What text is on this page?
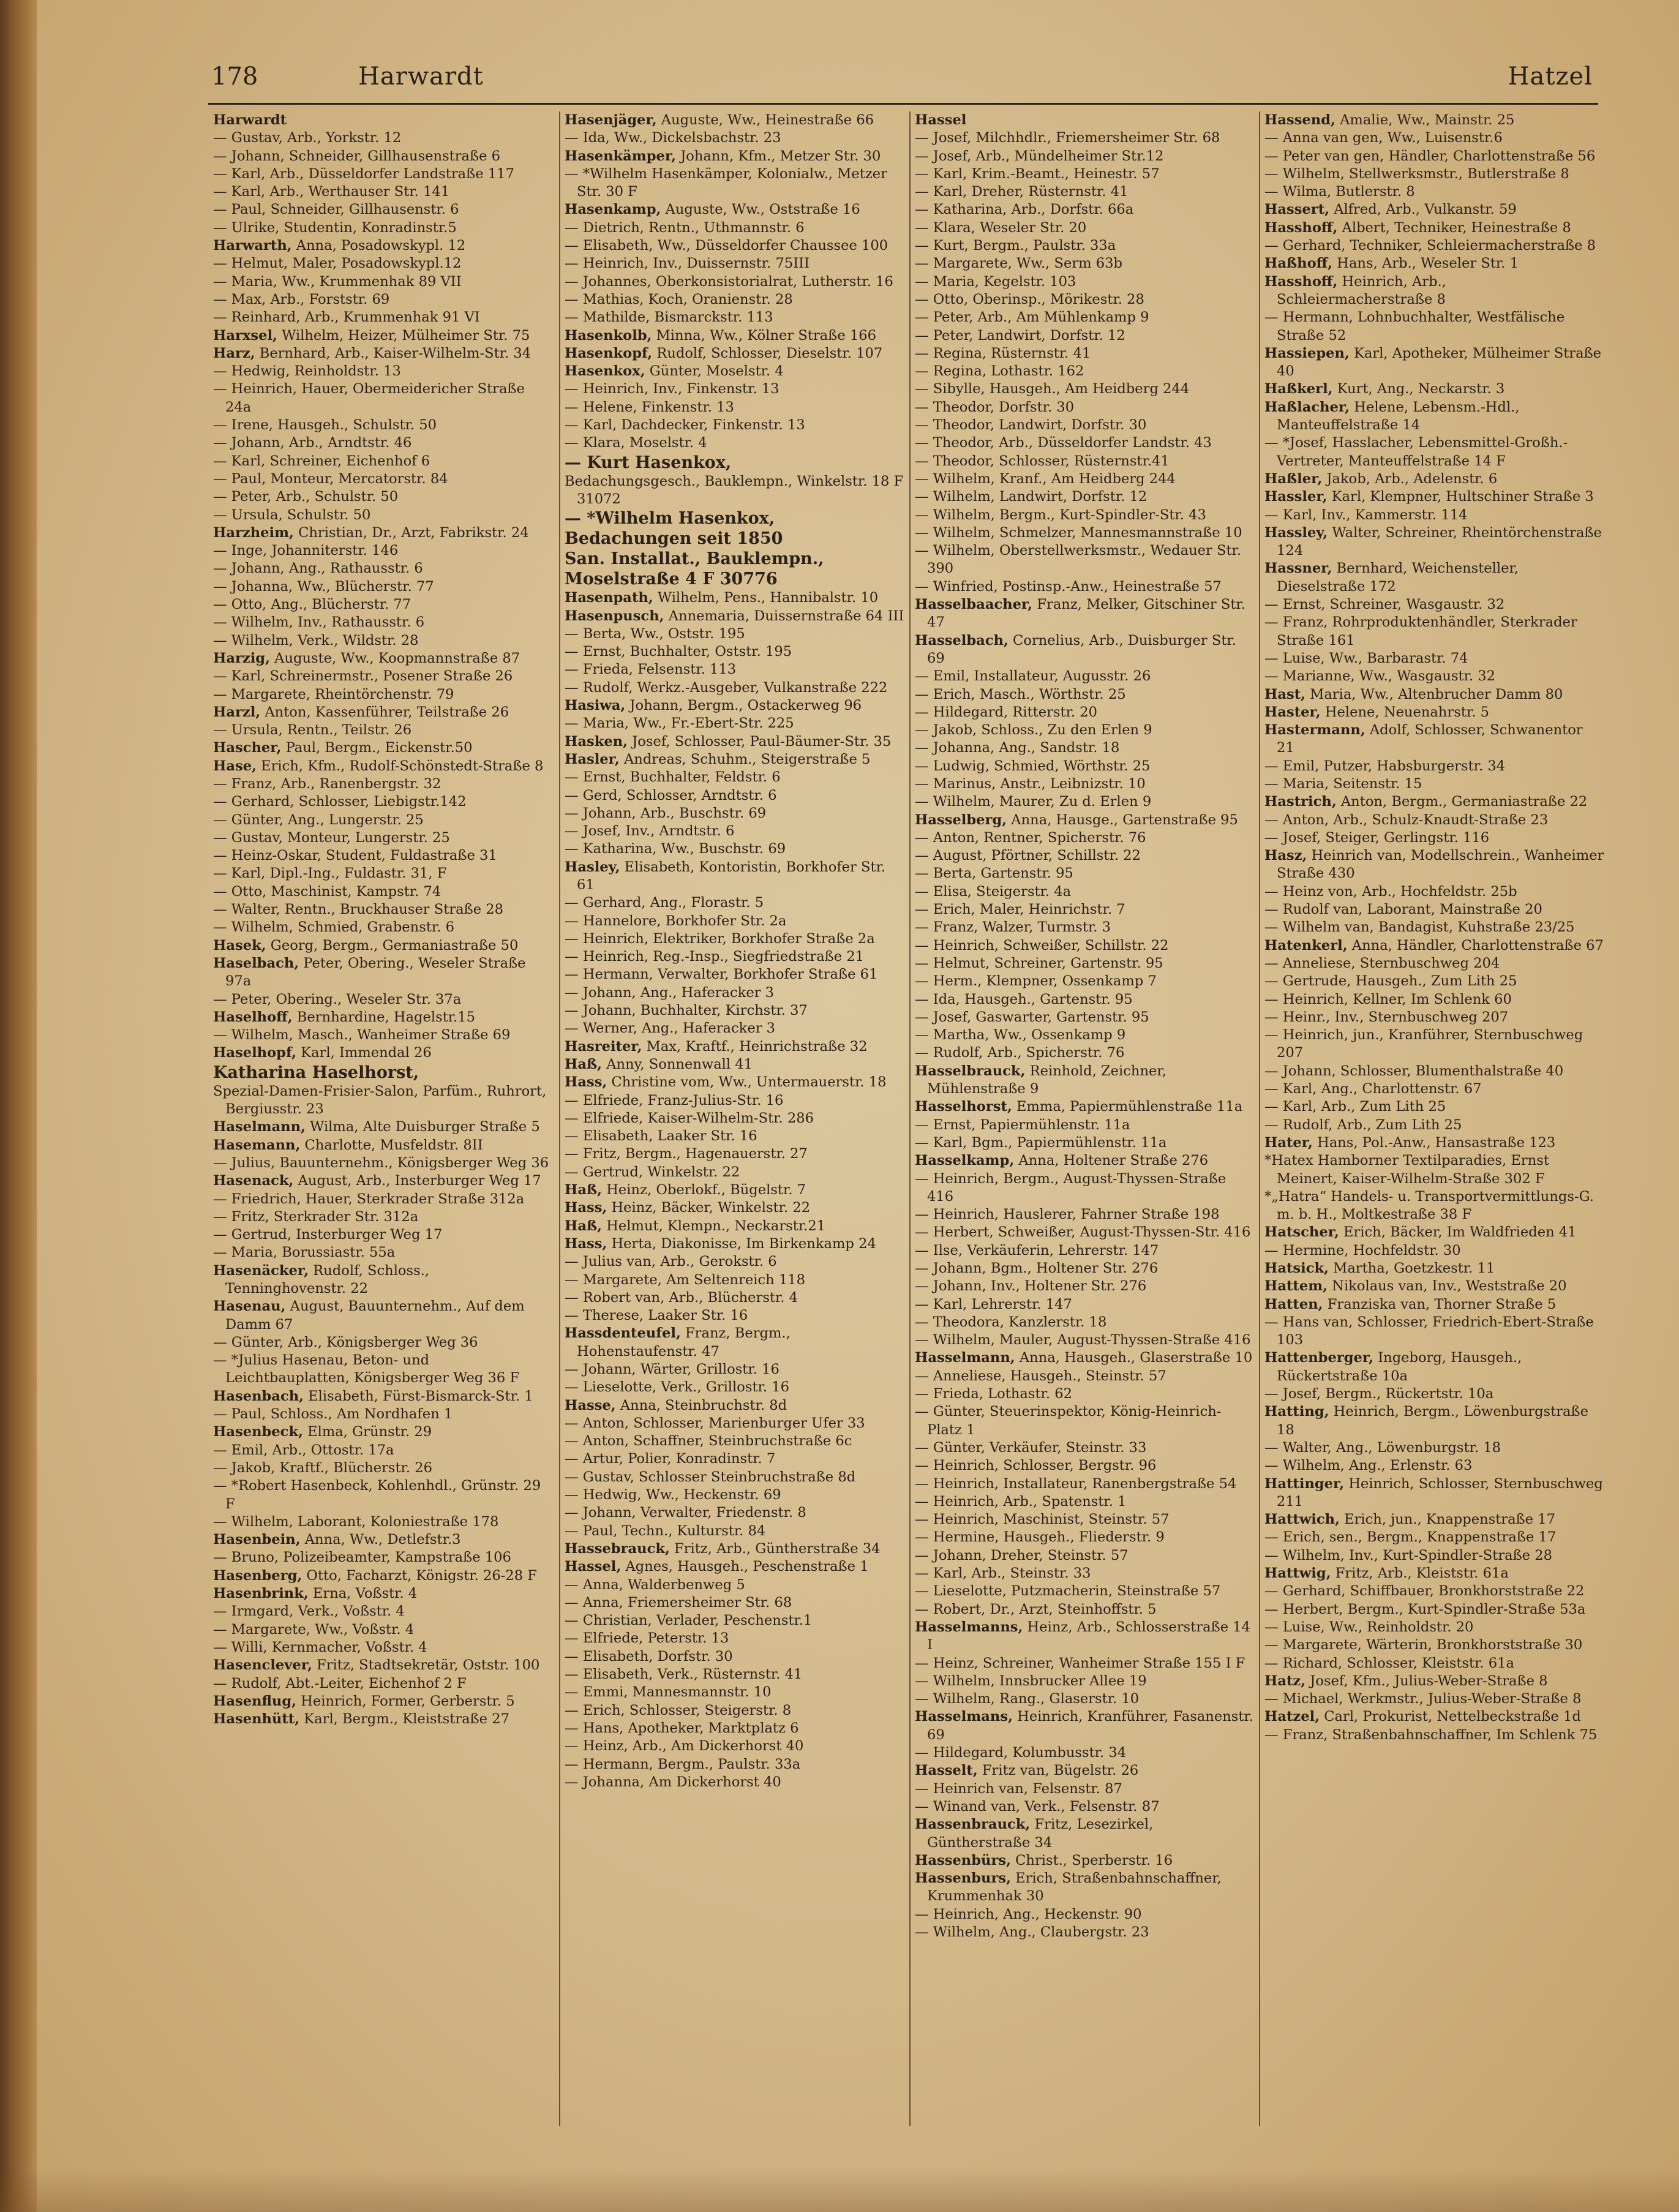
178	Harwardt	Hatzel

Harwardt

— Gustav, Arb., Yorkstr. 12

— Johann, Schneider, Gillhausenstraße 6

— Karl, Arb., Düsseldorfer Landstraße 117

— Karl, Arb., Werthauser Str. 141

— Paul, Schneider, Gillhausenstr. 6

— Ulrike, Studentin, Konradinstr.5

Harwarth, Anna, Posadowskypl. 12

— Helmut, Maler, Posadowskypl.12

— Maria, Ww., Krummenhak 89 VII

— Max, Arb., Forststr. 69

— Reinhard, Arb., Krummenhak 91 VI

Harxsel, Wilhelm, Heizer, Mülheimer Str. 75

Harz, Bernhard, Arb., Kaiser-Wilhelm-Str. 34

— Hedwig, Reinholdstr. 13

— Heinrich, Hauer, Obermeidericher Straße 24a

— Irene, Hausgeh., Schulstr. 50

— Johann, Arb., Arndtstr. 46

— Karl, Schreiner, Eichenhof 6

— Paul, Monteur, Mercatorstr. 84

— Peter, Arb., Schulstr. 50

— Ursula, Schulstr. 50

Harzheim, Christian, Dr., Arzt, Fabrikstr. 24

— Inge, Johanniterstr. 146

— Johann, Ang., Rathausstr. 6

— Johanna, Ww., Blücherstr. 77

— Otto, Ang., Blücherstr. 77

— Wilhelm, Inv., Rathausstr. 6

— Wilhelm, Verk., Wildstr. 28

Harzig, Auguste, Ww., Koopmannstraße 87

— Karl, Schreinermstr., Posener Straße 26

— Margarete, Rheintörchenstr. 79

Harzl, Anton, Kassenführer, Teilstraße 26

— Ursula, Rentn., Teilstr. 26

Hascher, Paul, Bergm., Eickenstr.50

Hase, Erich, Kfm., Rudolf-Schönstedt-Straße 8

— Franz, Arb., Ranenbergstr. 32

— Gerhard, Schlosser, Liebigstr.142

— Günter, Ang., Lungerstr. 25

— Gustav, Monteur, Lungerstr. 25

— Heinz-Oskar, Student, Fuldastraße 31

— Karl, Dipl.-Ing., Fuldastr. 31, F

— Otto, Maschinist, Kampstr. 74

— Walter, Rentn., Bruckhauser Straße 28

— Wilhelm, Schmied, Grabenstr. 6

Hasek, Georg, Bergm., Germaniastraße 50

Haselbach, Peter, Obering., Weseler Straße 97a

— Peter, Obering., Weseler Str. 37a

Haselhoff, Bernhardine, Hagelstr.15

— Wilhelm, Masch., Wanheimer Straße 69

Haselhopf, Karl, Immendal 26

Katharina Haselhorst,

Spezial-Damen-Frisier-Salon, Parfüm., Ruhrort, Bergiusstr. 23

Haselmann, Wilma, Alte Duisburger Straße 5

Hasemann, Charlotte, Musfeldstr. 8II

— Julius, Bauunternehm., Königsberger Weg 36

Hasenack, August, Arb., Insterburger Weg 17

— Friedrich, Hauer, Sterkrader Straße 312a

— Fritz, Sterkrader Str. 312a

— Gertrud, Insterburger Weg 17

— Maria, Borussiastr. 55a

Hasenäcker, Rudolf, Schloss., Tenninghovenstr. 22

Hasenau, August, Bauunternehm., Auf dem Damm 67

— Günter, Arb., Königsberger Weg 36

— *Julius Hasenau, Beton- und Leichtbauplatten, Königsberger Weg 36 F

Hasenbach, Elisabeth, Fürst-Bismarck-Str. 1

— Paul, Schloss., Am Nordhafen 1

Hasenbeck, Elma, Grünstr. 29

— Emil, Arb., Ottostr. 17a

— Jakob, Kraftf., Blücherstr. 26

— *Robert Hasenbeck, Kohlenhdl., Grünstr. 29 F

— Wilhelm, Laborant, Koloniestraße 178

Hasenbein, Anna, Ww., Detlefstr.3

— Bruno, Polizeibeamter, Kampstraße 106

Hasenberg, Otto, Facharzt, Königstr. 26-28 F

Hasenbrink, Erna, Voßstr. 4

— Irmgard, Verk., Voßstr. 4

— Margarete, Ww., Voßstr. 4

— Willi, Kernmacher, Voßstr. 4

Hasenclever, Fritz, Stadtsekretär, Oststr. 100

— Rudolf, Abt.-Leiter, Eichenhof 2 F

Hasenflug, Heinrich, Former, Gerberstr. 5

Hasenhütt, Karl, Bergm., Kleiststraße 27

Hasenjäger, Auguste, Ww., Heinestraße 66

— Ida, Ww., Dickelsbachstr. 23

Hasenkämper, Johann, Kfm., Metzer Str. 30

— *Wilhelm Hasenkämper, Kolonialw., Metzer Str. 30 F

Hasenkamp, Auguste, Ww., Oststraße 16

— Dietrich, Rentn., Uthmannstr. 6

— Elisabeth, Ww., Düsseldorfer Chaussee 100

— Heinrich, Inv., Duissernstr. 75III

— Johannes, Oberkonsistorialrat, Lutherstr. 16

— Mathias, Koch, Oranienstr. 28

— Mathilde, Bismarckstr. 113

Hasenkolb, Minna, Ww., Kölner Straße 166

Hasenkopf, Rudolf, Schlosser, Dieselstr. 107

Hasenkox, Günter, Moselstr. 4

— Heinrich, Inv., Finkenstr. 13

— Helene, Finkenstr. 13

— Karl, Dachdecker, Finkenstr. 13

— Klara, Moselstr. 4

— Kurt Hasenkox,

Bedachungsgesch., Bauklempn., Winkelstr. 18 F 31072

— *Wilhelm Hasenkox,

Bedachungen seit 1850

San. Installat., Bauklempn.,

Moselstraße 4 F 30776

Hasenpath, Wilhelm, Pens., Hannibalstr. 10

Hasenpusch, Annemaria, Duissernstraße 64 III

— Berta, Ww., Oststr. 195

— Ernst, Buchhalter, Oststr. 195

— Frieda, Felsenstr. 113

— Rudolf, Werkz.-Ausgeber, Vulkanstraße 222

Hasiwa, Johann, Bergm., Ostackerweg 96

— Maria, Ww., Fr.-Ebert-Str. 225

Hasken, Josef, Schlosser, Paul-Bäumer-Str. 35

Hasler, Andreas, Schuhm., Steigerstraße 5

— Ernst, Buchhalter, Feldstr. 6

— Gerd, Schlosser, Arndtstr. 6

— Johann, Arb., Buschstr. 69

— Josef, Inv., Arndtstr. 6

— Katharina, Ww., Buschstr. 69

Hasley, Elisabeth, Kontoristin, Borkhofer Str. 61

— Gerhard, Ang., Florastr. 5

— Hannelore, Borkhofer Str. 2a

— Heinrich, Elektriker, Borkhofer Straße 2a

— Heinrich, Reg.-Insp., Siegfriedstraße 21

— Hermann, Verwalter, Borkhofer Straße 61

— Johann, Ang., Haferacker 3

— Johann, Buchhalter, Kirchstr. 37

— Werner, Ang., Haferacker 3

Hasreiter, Max, Kraftf., Heinrichstraße 32

Haß, Anny, Sonnenwall 41

Hass, Christine vom, Ww., Untermauerstr. 18

— Elfriede, Franz-Julius-Str. 16

— Elfriede, Kaiser-Wilhelm-Str. 286

— Elisabeth, Laaker Str. 16

— Fritz, Bergm., Hagenauerstr. 27

— Gertrud, Winkelstr. 22

Haß, Heinz, Oberlokf., Bügelstr. 7

Hass, Heinz, Bäcker, Winkelstr. 22

Haß, Helmut, Klempn., Neckarstr.21

Hass, Herta, Diakonisse, Im Birkenkamp 24

— Julius van, Arb., Gerokstr. 6

— Margarete, Am Seltenreich 118

— Robert van, Arb., Blücherstr. 4

— Therese, Laaker Str. 16

Hassdenteufel, Franz, Bergm., Hohenstaufenstr. 47

— Johann, Wärter, Grillostr. 16

— Lieselotte, Verk., Grillostr. 16

Hasse, Anna, Steinbruchstr. 8d

— Anton, Schlosser, Marienburger Ufer 33

— Anton, Schaffner, Steinbruchstraße 6c

— Artur, Polier, Konradinstr. 7

— Gustav, Schlosser Steinbruchstraße 8d

— Hedwig, Ww., Heckenstr. 69

— Johann, Verwalter, Friedenstr. 8

— Paul, Techn., Kulturstr. 84

Hassebrauck, Fritz, Arb., Güntherstraße 34

Hassel, Agnes, Hausgeh., Peschenstraße 1

— Anna, Walderbenweg 5

— Anna, Friemersheimer Str. 68

— Christian, Verlader, Peschenstr.1

— Elfriede, Peterstr. 13

— Elisabeth, Dorfstr. 30

— Elisabeth, Verk., Rüsternstr. 41

— Emmi, Mannesmannstr. 10

— Erich, Schlosser, Steigerstr. 8

— Hans, Apotheker, Marktplatz 6

— Heinz, Arb., Am Dickerhorst 40

— Hermann, Bergm., Paulstr. 33a

— Johanna, Am Dickerhorst 40

Hassel

— Josef, Milchhdlr., Friemersheimer Str. 68

— Josef, Arb., Mündelheimer Str.12

— Karl, Krim.-Beamt., Heinestr. 57

— Karl, Dreher, Rüsternstr. 41

— Katharina, Arb., Dorfstr. 66a

— Klara, Weseler Str. 20

— Kurt, Bergm., Paulstr. 33a

— Margarete, Ww., Serm 63b

— Maria, Kegelstr. 103

— Otto, Oberinsp., Mörikestr. 28

— Peter, Arb., Am Mühlenkamp 9

— Peter, Landwirt, Dorfstr. 12

— Regina, Rüsternstr. 41

— Regina, Lothastr. 162

— Sibylle, Hausgeh., Am Heidberg 244

— Theodor, Dorfstr. 30

— Theodor, Landwirt, Dorfstr. 30

— Theodor, Arb., Düsseldorfer Landstr. 43

— Theodor, Schlosser, Rüsternstr.41

— Wilhelm, Kranf., Am Heidberg 244

— Wilhelm, Landwirt, Dorfstr. 12

— Wilhelm, Bergm., Kurt-Spindler-Str. 43

— Wilhelm, Schmelzer, Mannesmannstraße 10

— Wilhelm, Oberstellwerksmstr., Wedauer Str. 390

— Winfried, Postinsp.-Anw., Heinestraße 57

Hasselbaacher, Franz, Melker, Gitschiner Str. 47

Hasselbach, Cornelius, Arb., Duisburger Str. 69

— Emil, Installateur, Augusstr. 26

— Erich, Masch., Wörthstr. 25

— Hildegard, Ritterstr. 20

— Jakob, Schloss., Zu den Erlen 9

— Johanna, Ang., Sandstr. 18

— Ludwig, Schmied, Wörthstr. 25

— Marinus, Anstr., Leibnizstr. 10

— Wilhelm, Maurer, Zu d. Erlen 9

Hasselberg, Anna, Hausge., Gartenstraße 95

— Anton, Rentner, Spicherstr. 76

— August, Pförtner, Schillstr. 22

— Berta, Gartenstr. 95

— Elisa, Steigerstr. 4a

— Erich, Maler, Heinrichstr. 7

— Franz, Walzer, Turmstr. 3

— Heinrich, Schweißer, Schillstr. 22

— Helmut, Schreiner, Gartenstr. 95

— Herm., Klempner, Ossenkamp 7

— Ida, Hausgeh., Gartenstr. 95

— Josef, Gaswarter, Gartenstr. 95

— Martha, Ww., Ossenkamp 9

— Rudolf, Arb., Spicherstr. 76

Hasselbrauck, Reinhold, Zeichner, Mühlenstraße 9

Hasselhorst, Emma, Papiermühlenstraße 11a

— Ernst, Papiermühlenstr. 11a

— Karl, Bgm., Papiermühlenstr. 11a

Hasselkamp, Anna, Holtener Straße 276

— Heinrich, Bergm., August-Thyssen-Straße 416

— Heinrich, Hauslerer, Fahrner Straße 198

— Herbert, Schweißer, August-Thyssen-Str. 416

— Ilse, Verkäuferin, Lehrerstr. 147

— Johann, Bgm., Holtener Str. 276

— Johann, Inv., Holtener Str. 276

— Karl, Lehrerstr. 147

— Theodora, Kanzlerstr. 18

— Wilhelm, Mauler, August-Thyssen-Straße 416

Hasselmann, Anna, Hausgeh., Glaserstraße 10

— Anneliese, Hausgeh., Steinstr. 57

— Frieda, Lothastr. 62

— Günter, Steuerinspektor, König-Heinrich-Platz 1

— Günter, Verkäufer, Steinstr. 33

— Heinrich, Schlosser, Bergstr. 96

— Heinrich, Installateur, Ranenbergstraße 54

— Heinrich, Arb., Spatenstr. 1

— Heinrich, Maschinist, Steinstr. 57

— Hermine, Hausgeh., Fliederstr. 9

— Johann, Dreher, Steinstr. 57

— Karl, Arb., Steinstr. 33

— Lieselotte, Putzmacherin, Steinstraße 57

— Robert, Dr., Arzt, Steinhoffstr. 5

Hasselmanns, Heinz, Arb., Schlosserstraße 14 I

— Heinz, Schreiner, Wanheimer Straße 155 I F

— Wilhelm, Innsbrucker Allee 19

— Wilhelm, Rang., Glaserstr. 10

Hasselmans, Heinrich, Kranführer, Fasanenstr. 69

— Hildegard, Kolumbusstr. 34

Hasselt, Fritz van, Bügelstr. 26

— Heinrich van, Felsenstr. 87

— Winand van, Verk., Felsenstr. 87

Hassenbrauck, Fritz, Lesezirkel, Güntherstraße 34

Hassenbürs, Christ., Sperberstr. 16

Hassenburs, Erich, Straßenbahnschaffner, Krummenhak 30

— Heinrich, Ang., Heckenstr. 90

— Wilhelm, Ang., Claubergstr. 23

Hassend, Amalie, Ww., Mainstr. 25

— Anna van gen, Ww., Luisenstr.6

— Peter van gen, Händler, Charlottenstraße 56

— Wilhelm, Stellwerksmstr., Butlerstraße 8

— Wilma, Butlerstr. 8

Hassert, Alfred, Arb., Vulkanstr. 59

Hasshoff, Albert, Techniker, Heinestraße 8

— Gerhard, Techniker, Schleiermacherstraße 8

Haßhoff, Hans, Arb., Weseler Str. 1

Hasshoff, Heinrich, Arb., Schleiermacherstraße 8

— Hermann, Lohnbuchhalter, Westfälische Straße 52

Hassiepen, Karl, Apotheker, Mülheimer Straße 40

Haßkerl, Kurt, Ang., Neckarstr. 3

Haßlacher, Helene, Lebensm.-Hdl., Manteuffelstraße 14

— *Josef, Hasslacher, Lebensmittel-Großh.-Vertreter, Manteuffelstraße 14 F

Haßler, Jakob, Arb., Adelenstr. 6

Hassler, Karl, Klempner, Hultschiner Straße 3

— Karl, Inv., Kammerstr. 114

Hassley, Walter, Schreiner, Rheintörchenstraße 124

Hassner, Bernhard, Weichensteller, Dieselstraße 172

— Ernst, Schreiner, Wasgaustr. 32

— Franz, Rohrproduktenhändler, Sterkrader Straße 161

— Luise, Ww., Barbarastr. 74

— Marianne, Ww., Wasgaustr. 32

Hast, Maria, Ww., Altenbrucher Damm 80

Haster, Helene, Neuenahrstr. 5

Hastermann, Adolf, Schlosser, Schwanentor 21

— Emil, Putzer, Habsburgerstr. 34

— Maria, Seitenstr. 15

Hastrich, Anton, Bergm., Germaniastraße 22

— Anton, Arb., Schulz-Knaudt-Straße 23

— Josef, Steiger, Gerlingstr. 116

Hasz, Heinrich van, Modellschrein., Wanheimer Straße 430

— Heinz von, Arb., Hochfeldstr. 25b

— Rudolf van, Laborant, Mainstraße 20

— Wilhelm van, Bandagist, Kuhstraße 23/25

Hatenkerl, Anna, Händler, Charlottenstraße 67

— Anneliese, Sternbuschweg 204

— Gertrude, Hausgeh., Zum Lith 25

— Heinrich, Kellner, Im Schlenk 60

— Heinr., Inv., Sternbuschweg 207

— Heinrich, jun., Kranführer, Sternbuschweg 207

— Johann, Schlosser, Blumenthalstraße 40

— Karl, Ang., Charlottenstr. 67

— Karl, Arb., Zum Lith 25

— Rudolf, Arb., Zum Lith 25

Hater, Hans, Pol.-Anw., Hansastraße 123

*Hatex Hamborner Textilparadies, Ernst Meinert, Kaiser-Wilhelm-Straße 302 F

*„Hatra“ Handels- u. Transportvermittlungs-G. m. b. H., Moltkestraße 38 F

Hatscher, Erich, Bäcker, Im Waldfrieden 41

— Hermine, Hochfeldstr. 30

Hatsick, Martha, Goetzkestr. 11

Hattem, Nikolaus van, Inv., Weststraße 20

Hatten, Franziska van, Thorner Straße 5

— Hans van, Schlosser, Friedrich-Ebert-Straße 103

Hattenberger, Ingeborg, Hausgeh., Rückertstraße 10a

— Josef, Bergm., Rückertstr. 10a

Hatting, Heinrich, Bergm., Löwenburgstraße 18

— Walter, Ang., Löwenburgstr. 18

— Wilhelm, Ang., Erlenstr. 63

Hattinger, Heinrich, Schlosser, Sternbuschweg 211

Hattwich, Erich, jun., Knappenstraße 17

— Erich, sen., Bergm., Knappenstraße 17

— Wilhelm, Inv., Kurt-Spindler-Straße 28

Hattwig, Fritz, Arb., Kleiststr. 61a

— Gerhard, Schiffbauer, Bronkhorststraße 22

— Herbert, Bergm., Kurt-Spindler-Straße 53a

— Luise, Ww., Reinholdstr. 20

— Margarete, Wärterin, Bronkhorststraße 30

— Richard, Schlosser, Kleiststr. 61a

Hatz, Josef, Kfm., Julius-Weber-Straße 8

— Michael, Werkmstr., Julius-Weber-Straße 8

Hatzel, Carl, Prokurist, Nettelbeckstraße 1d

— Franz, Straßenbahnschaffner, Im Schlenk 75
